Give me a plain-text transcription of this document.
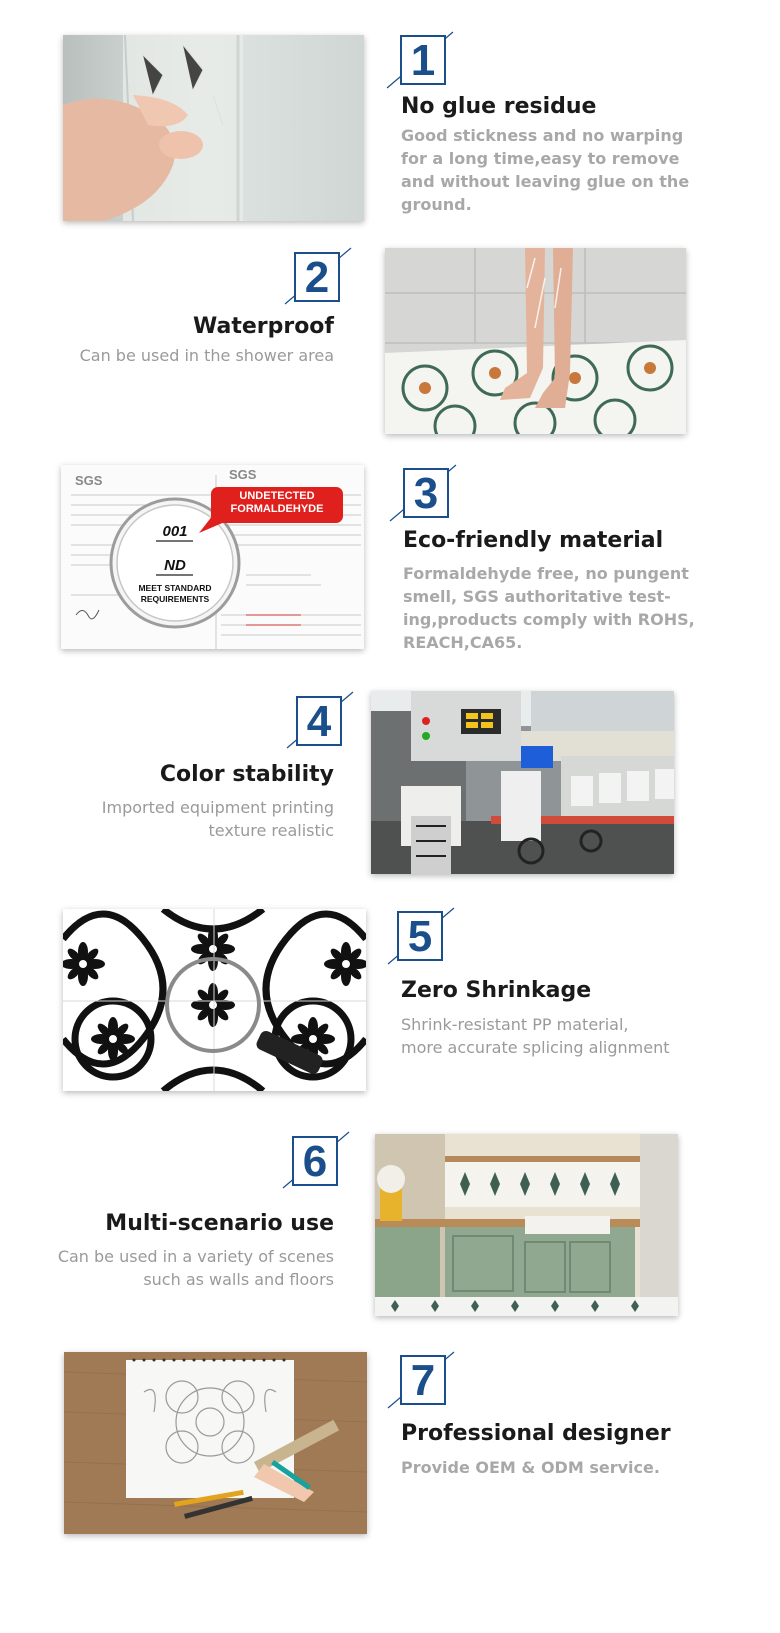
1
No glue residue
Good stickness and no warping
for a long time,easy to remove
and without leaving glue on the
ground.
2
Waterproof
Can be used in the shower area
SGS	SGS
UNDETECTED
FORMALDEHYDE
001
ND
MEET STANDARD
REQUIREMENTS
3
Eco-friendly material
Formaldehyde free, no pungent
smell, SGS authoritative test-
ing,products comply with ROHS,
REACH,CA65.
4
Color stability
Imported equipment printing
texture realistic
5
Zero Shrinkage
Shrink-resistant PP material,
more accurate splicing alignment
6
Multi-scenario use
Can be used in a variety of scenes
such as walls and floors
7
Professional designer
Provide OEM & ODM service.
